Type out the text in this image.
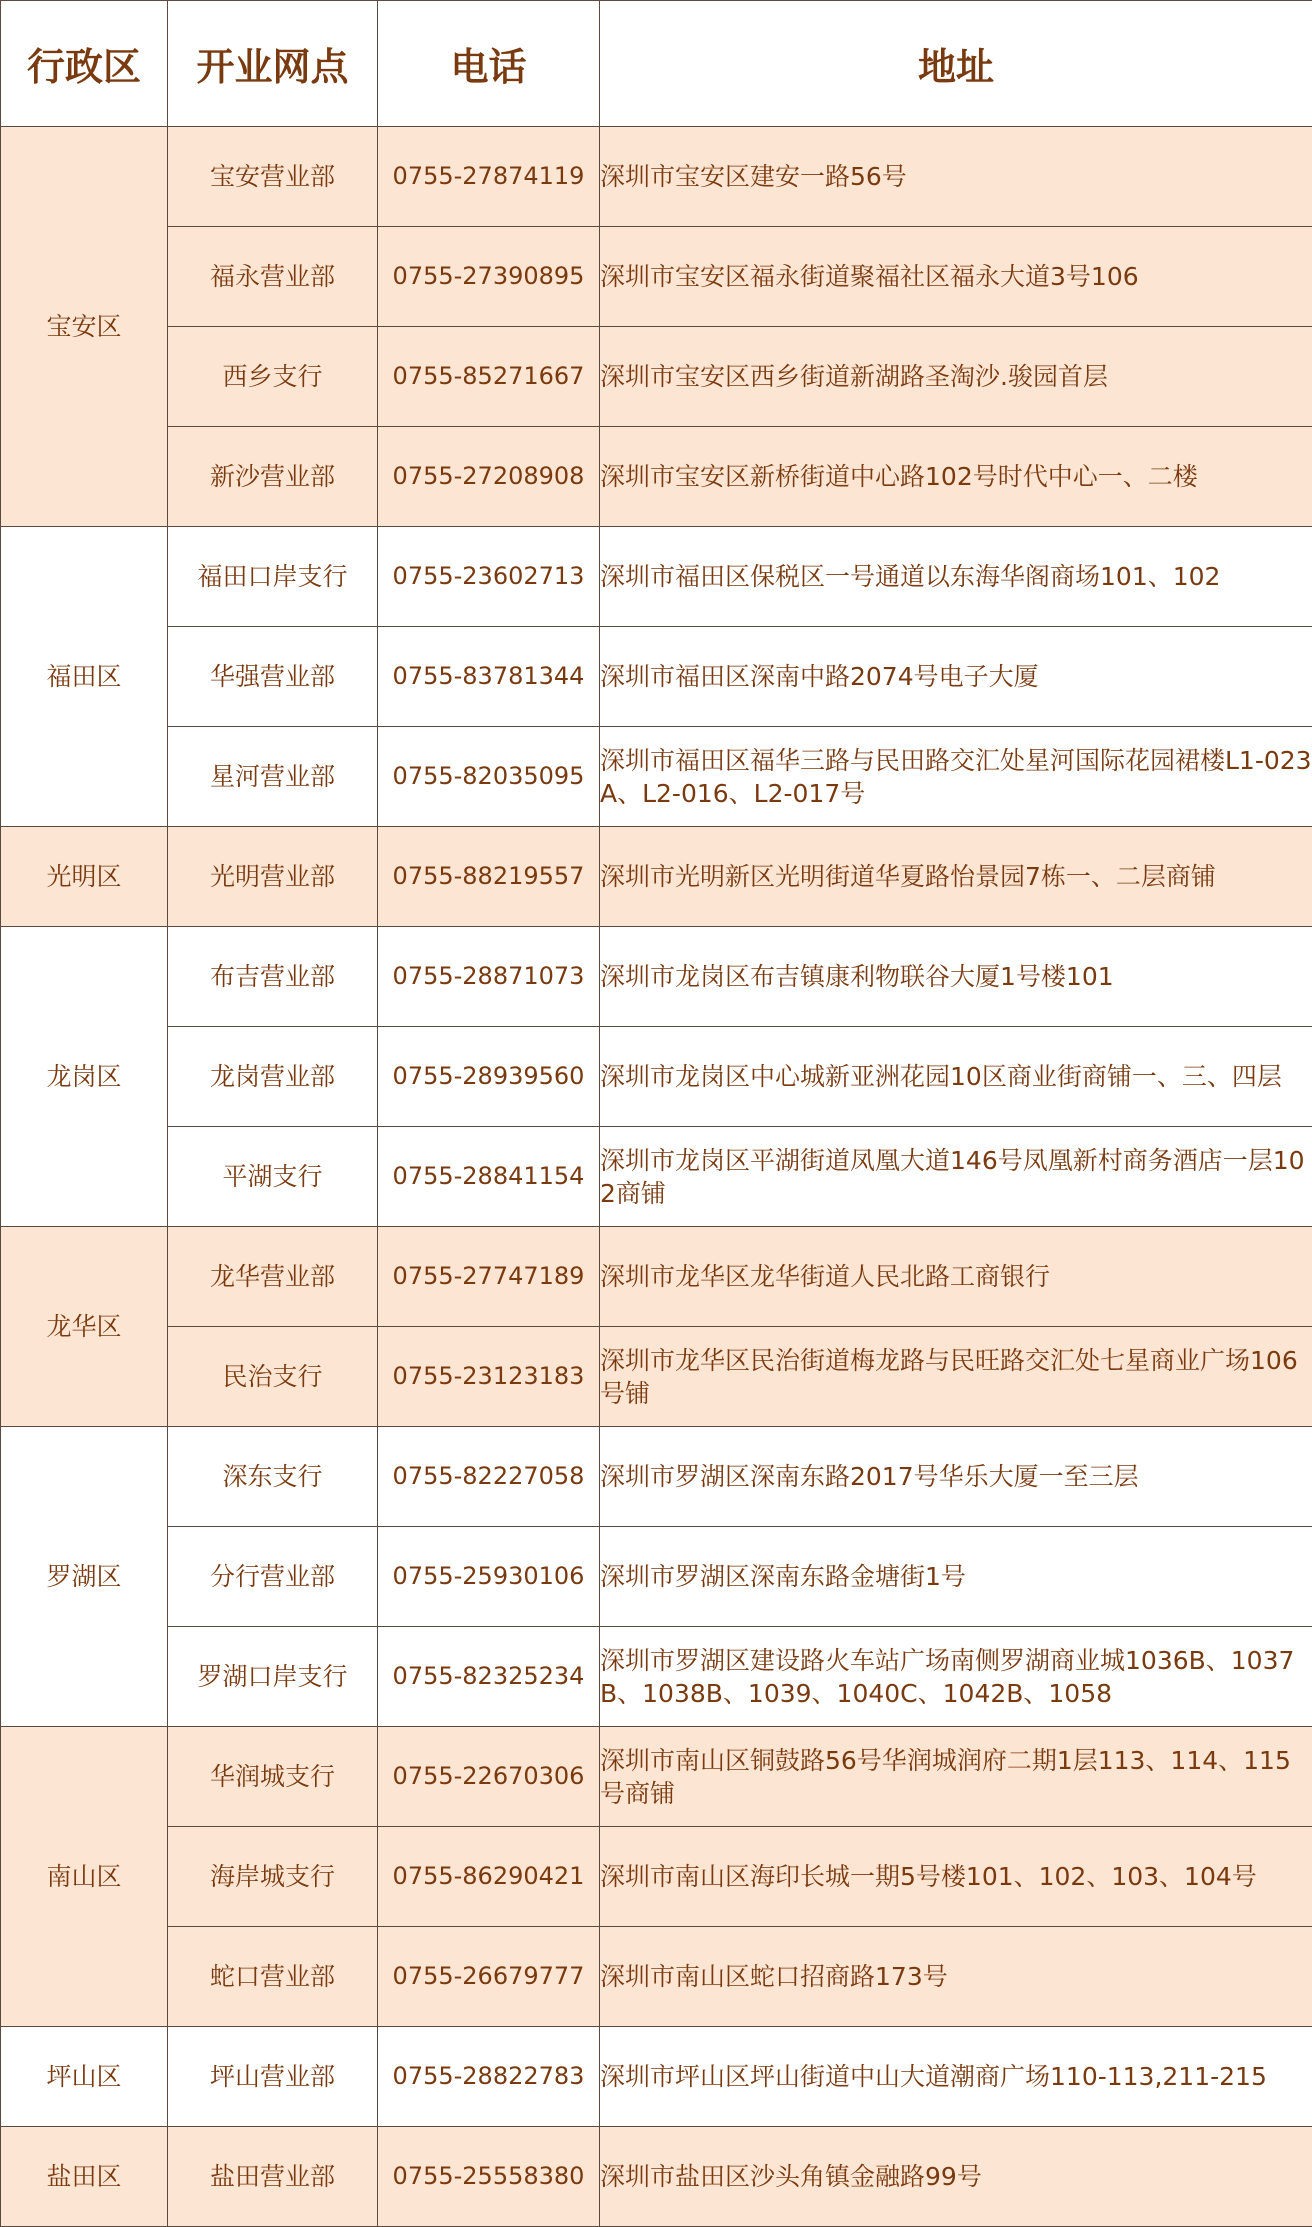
行政区	开业网点	电话	地址
宝安区	宝安营业部	0755-27874119	深圳市宝安区建安一路56号
	福永营业部	0755-27390895	深圳市宝安区福永街道聚福社区福永大道3号106
	西乡支行	0755-85271667	深圳市宝安区西乡街道新湖路圣淘沙.骏园首层
	新沙营业部	0755-27208908	深圳市宝安区新桥街道中心路102号时代中心一、二楼
福田区	福田口岸支行	0755-23602713	深圳市福田区保税区一号通道以东海华阁商场101、102
	华强营业部	0755-83781344	深圳市福田区深南中路2074号电子大厦
	星河营业部	0755-82035095	深圳市福田区福华三路与民田路交汇处星河国际花园裙楼L1-023A、L2-016、L2-017号
光明区	光明营业部	0755-88219557	深圳市光明新区光明街道华夏路怡景园7栋一、二层商铺
龙岗区	布吉营业部	0755-28871073	深圳市龙岗区布吉镇康利物联谷大厦1号楼101
	龙岗营业部	0755-28939560	深圳市龙岗区中心城新亚洲花园10区商业街商铺一、三、四层
	平湖支行	0755-28841154	深圳市龙岗区平湖街道凤凰大道146号凤凰新村商务酒店一层102商铺
龙华区	龙华营业部	0755-27747189	深圳市龙华区龙华街道人民北路工商银行
	民治支行	0755-23123183	深圳市龙华区民治街道梅龙路与民旺路交汇处七星商业广场106号铺
罗湖区	深东支行	0755-82227058	深圳市罗湖区深南东路2017号华乐大厦一至三层
	分行营业部	0755-25930106	深圳市罗湖区深南东路金塘街1号
	罗湖口岸支行	0755-82325234	深圳市罗湖区建设路火车站广场南侧罗湖商业城1036B、1037B、1038B、1039、1040C、1042B、1058
南山区	华润城支行	0755-22670306	深圳市南山区铜鼓路56号华润城润府二期1层113、114、115号商铺
	海岸城支行	0755-86290421	深圳市南山区海印长城一期5号楼101、102、103、104号
	蛇口营业部	0755-26679777	深圳市南山区蛇口招商路173号
坪山区	坪山营业部	0755-28822783	深圳市坪山区坪山街道中山大道潮商广场110-113,211-215
盐田区	盐田营业部	0755-25558380	深圳市盐田区沙头角镇金融路99号
